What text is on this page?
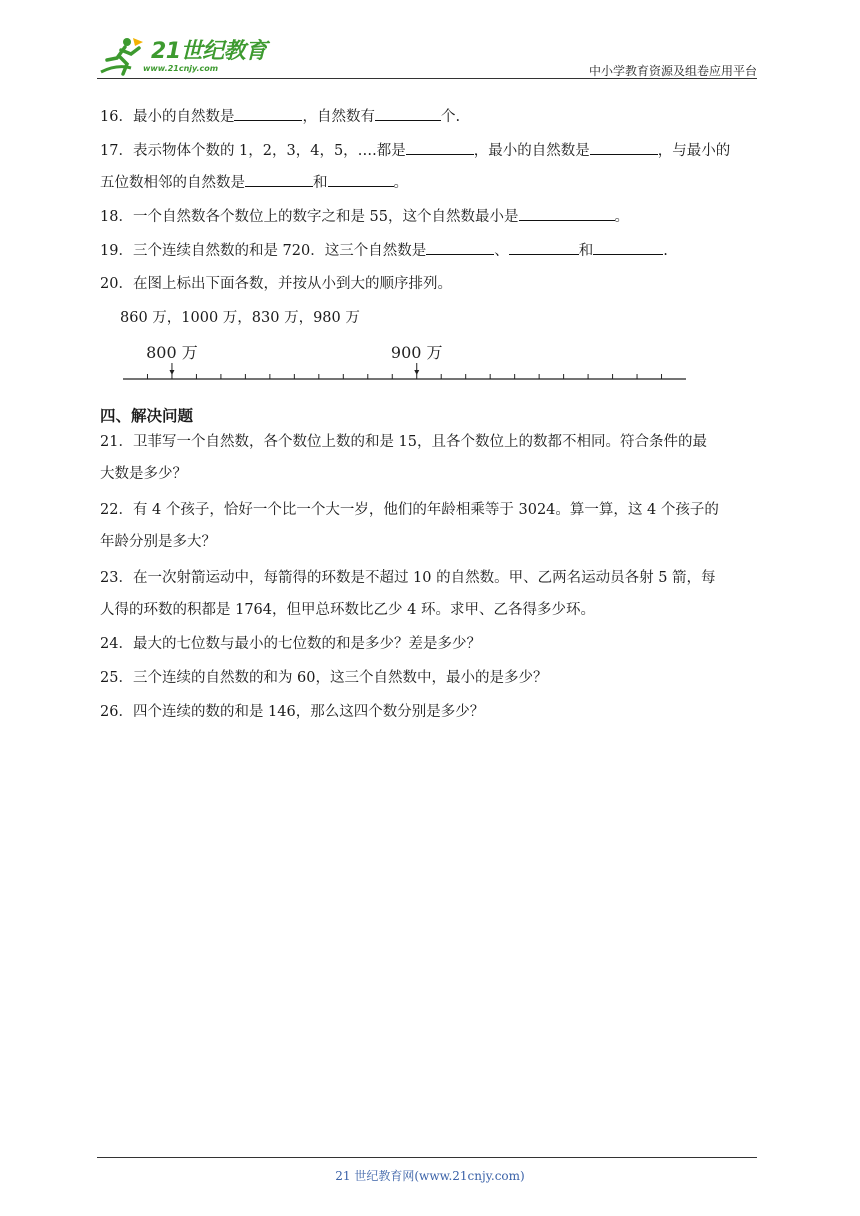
21世纪教育
www.21cnjy.com	中小学教育资源及组卷应用平台
16．最小的自然数是	，自然数有	个.
17．表示物体个数的 1，2，3，4，5，….都是	，最小的自然数是	，与最小的
五位数相邻的自然数是	和	。
18．一个自然数各个数位上的数字之和是 55，这个自然数最小是	。
19．三个连续自然数的和是 720．这三个自然数是	、	和	.
20．在图上标出下面各数，并按从小到大的顺序排列。
860 万，1000 万，830 万，980 万
800 万	900 万
四、解决问题
21．卫菲写一个自然数，各个数位上数的和是 15，且各个数位上的数都不相同。符合条件的最
大数是多少？
22．有 4 个孩子，恰好一个比一个大一岁，他们的年龄相乘等于 3024。算一算，这 4 个孩子的
年龄分别是多大？
23．在一次射箭运动中，每箭得的环数是不超过 10 的自然数。甲、乙两名运动员各射 5 箭，每
人得的环数的积都是 1764，但甲总环数比乙少 4 环。求甲、乙各得多少环。
24．最大的七位数与最小的七位数的和是多少？差是多少？
25．三个连续的自然数的和为 60，这三个自然数中，最小的是多少？
26．四个连续的数的和是 146，那么这四个数分别是多少？
21 世纪教育网(www.21cnjy.com)
